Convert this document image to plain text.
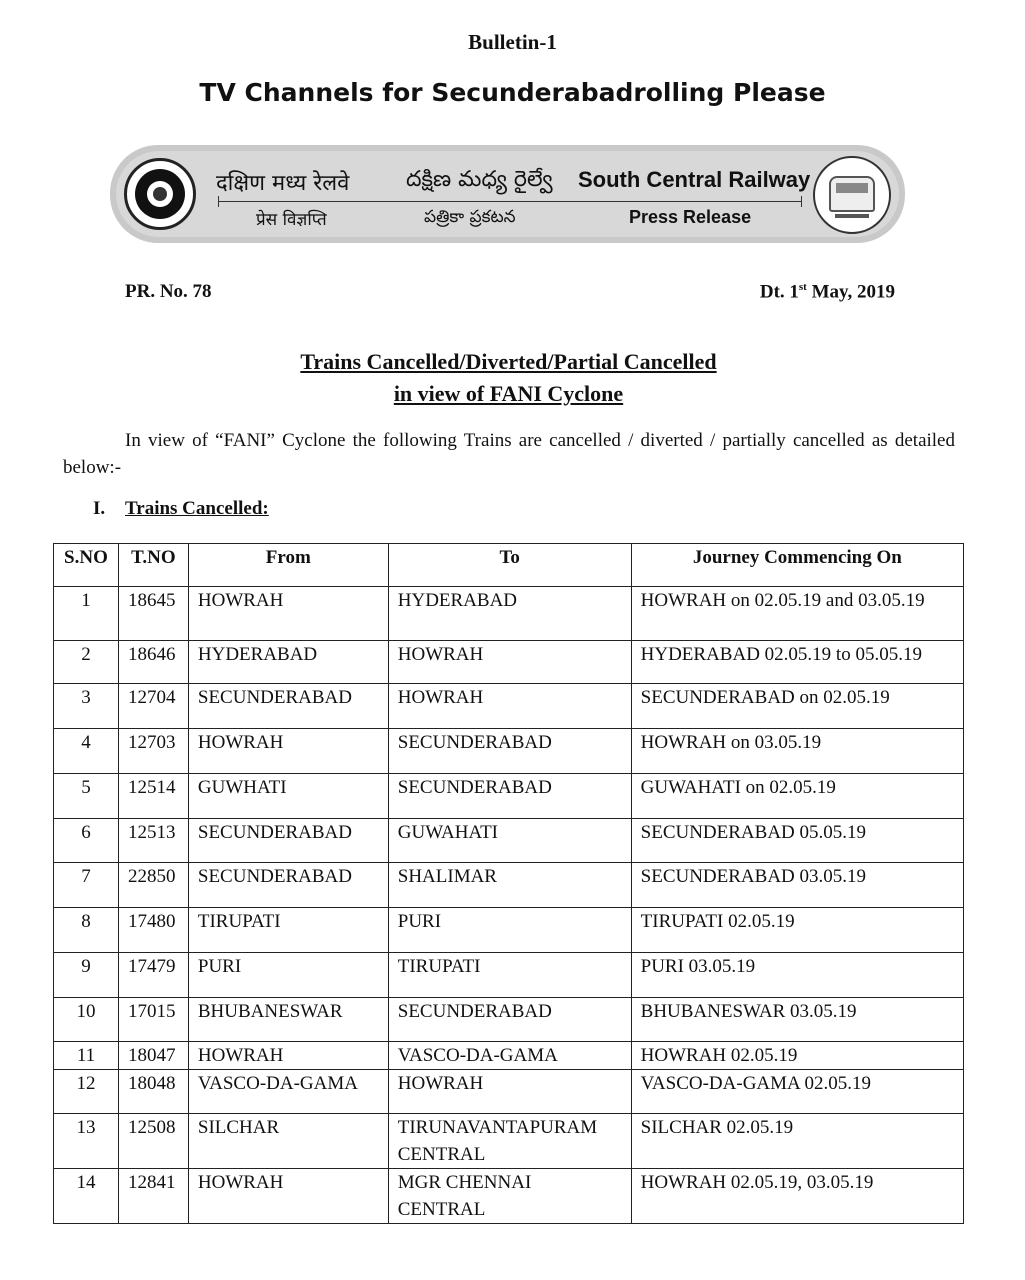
Bulletin-1
TV Channels for Secunderabadrolling Please
दक्षिण मध्य रेलवे	దక్షిణ మధ్య రైల్వే South Central Railway
प्रेस विज्ञप्ति	పత్రికా ప్రకటన	Press Release
PR. No. 78	Dt. 1st May, 2019
Trains Cancelled/Diverted/Partial Cancelled
in view of FANI Cyclone
In view of “FANI” Cyclone the following Trains are cancelled / diverted / partially cancelled as detailed below:-
I. Trains Cancelled:
S.NO	T.NO	From	To	Journey Commencing On
1	18645	HOWRAH	HYDERABAD	HOWRAH on 02.05.19 and 03.05.19
2	18646	HYDERABAD	HOWRAH	HYDERABAD 02.05.19 to 05.05.19
3	12704	SECUNDERABAD	HOWRAH	SECUNDERABAD on 02.05.19
4	12703	HOWRAH	SECUNDERABAD	HOWRAH on 03.05.19
5	12514	GUWHATI	SECUNDERABAD	GUWAHATI on 02.05.19
6	12513	SECUNDERABAD	GUWAHATI	SECUNDERABAD 05.05.19
7	22850	SECUNDERABAD	SHALIMAR	SECUNDERABAD 03.05.19
8	17480	TIRUPATI	PURI	TIRUPATI 02.05.19
9	17479	PURI	TIRUPATI	PURI 03.05.19
10	17015	BHUBANESWAR	SECUNDERABAD	BHUBANESWAR 03.05.19
11	18047	HOWRAH	VASCO-DA-GAMA	HOWRAH 02.05.19
12	18048	VASCO-DA-GAMA	HOWRAH	VASCO-DA-GAMA 02.05.19
13	12508	SILCHAR	TIRUNAVANTAPURAM CENTRAL	SILCHAR 02.05.19
14	12841	HOWRAH	MGR CHENNAI CENTRAL	HOWRAH 02.05.19, 03.05.19
